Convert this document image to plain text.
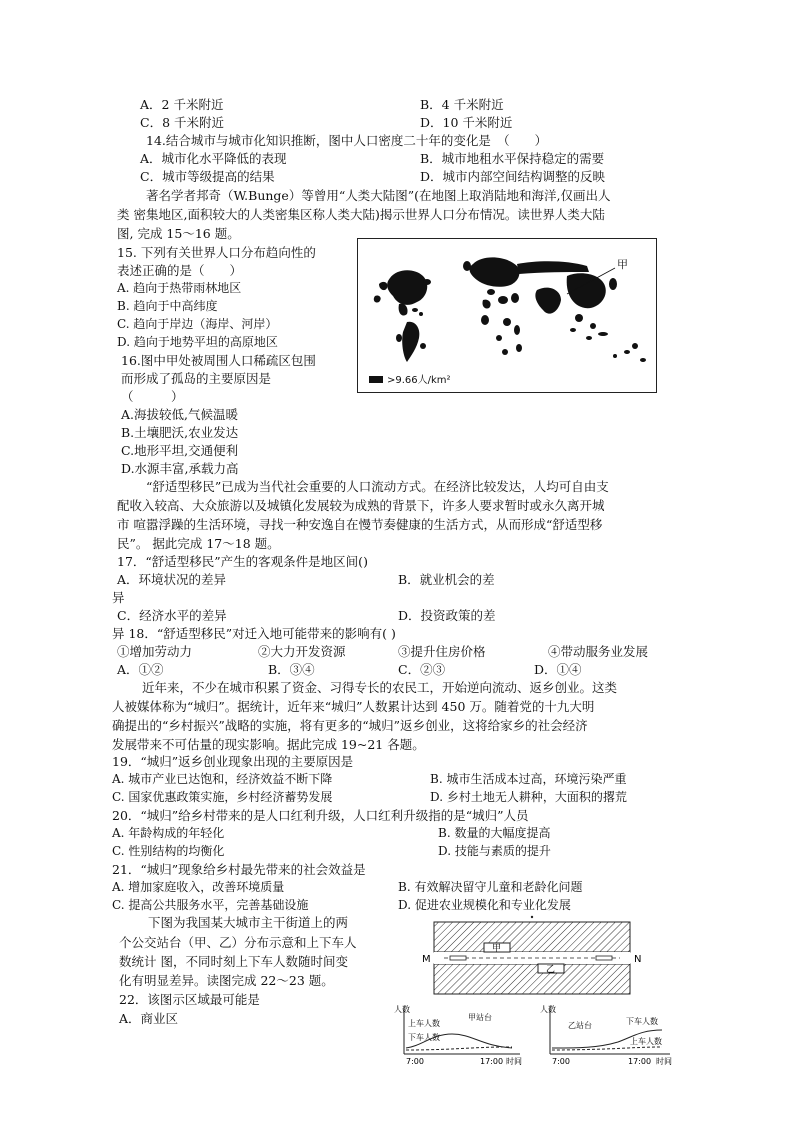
A．2 千米附近	B．4 千米附近
C．8 千米附近	D．10 千米附近
14.结合城市与城市化知识推断，图中人口密度二十年的变化是　（　　）
A．城市化水平降低的表现	B．城市地租水平保持稳定的需要
C．城市等级提高的结果	D．城市内部空间结构调整的反映
著名学者邦奇（W.Bunge）等曾用“人类大陆图”(在地图上取消陆地和海洋,仅画出人
类 密集地区,面积较大的人类密集区称人类大陆)揭示世界人口分布情况。读世界人类大陆
图, 完成 15～16 题。
15. 下列有关世界人口分布趋向性的
表述正确的是（　　）
A. 趋向于热带雨林地区
B. 趋向于中高纬度
C. 趋向于岸边（海岸、河岸）
D. 趋向于地势平坦的高原地区
16.图中甲处被周围人口稀疏区包围
而形成了孤岛的主要原因是
（　　　）
A.海拔较低,气候温暖
B.土壤肥沃,农业发达
C.地形平坦,交通便利
D.水源丰富,承载力高
甲
>9.66人/km²
“舒适型移民”已成为当代社会重要的人口流动方式。在经济比较发达，人均可自由支
配收入较高、大众旅游以及城镇化发展较为成熟的背景下，许多人要求暂时或永久离开城
市 喧嚣浮躁的生活环境，寻找一种安逸自在慢节奏健康的生活方式，从而形成“舒适型移
民”。 据此完成 17～18 题。
17．“舒适型移民”产生的客观条件是地区间()
A．环境状况的差异	B．就业机会的差
异
C．经济水平的差异	D．投资政策的差
异 18．“舒适型移民”对迁入地可能带来的影响有( )
①增加劳动力	②大力开发资源	③提升住房价格	④带动服务业发展
A．①②	B．③④	C．②③	D．①④
近年来，不少在城市积累了资金、习得专长的农民工，开始逆向流动、返乡创业。这类
人被媒体称为“城归”。据统计，近年来“城归”人数累计达到 450 万。随着党的十九大明
确提出的“乡村振兴”战略的实施，将有更多的“城归”返乡创业，这将给家乡的社会经济
发展带来不可估量的现实影响。据此完成 19~21 各题。
19．“城归”返乡创业现象出现的主要原因是
A. 城市产业已达饱和，经济效益不断下降	B. 城市生活成本过高，环境污染严重
C. 国家优惠政策实施，乡村经济蓄势发展	D. 乡村土地无人耕种，大面积的撂荒
20．“城归”给乡村带来的是人口红利升级，人口红利升级指的是“城归”人员
A. 年龄构成的年轻化	B. 数量的大幅度提高
C. 性别结构的均衡化	D. 技能与素质的提升
21．“城归”现象给乡村最先带来的社会效益是
A. 增加家庭收入，改善环境质量	B. 有效解决留守儿童和老龄化问题
C. 提高公共服务水平，完善基础设施	D. 促进农业规模化和专业化发展
下图为我国某大城市主干街道上的两
个公交站台（甲、乙）分布示意和上下车人
数统计 图，不同时刻上下车人数随时间变
化有明显差异。读图完成 22～23 题。
22．该图示区域最可能是
A．商业区
甲
乙
M	N
人数
甲站台
上车人数
下车人数
7:00	17:00 时间
人数
乙站台	下车人数
上车人数
7:00	17:00 时间
